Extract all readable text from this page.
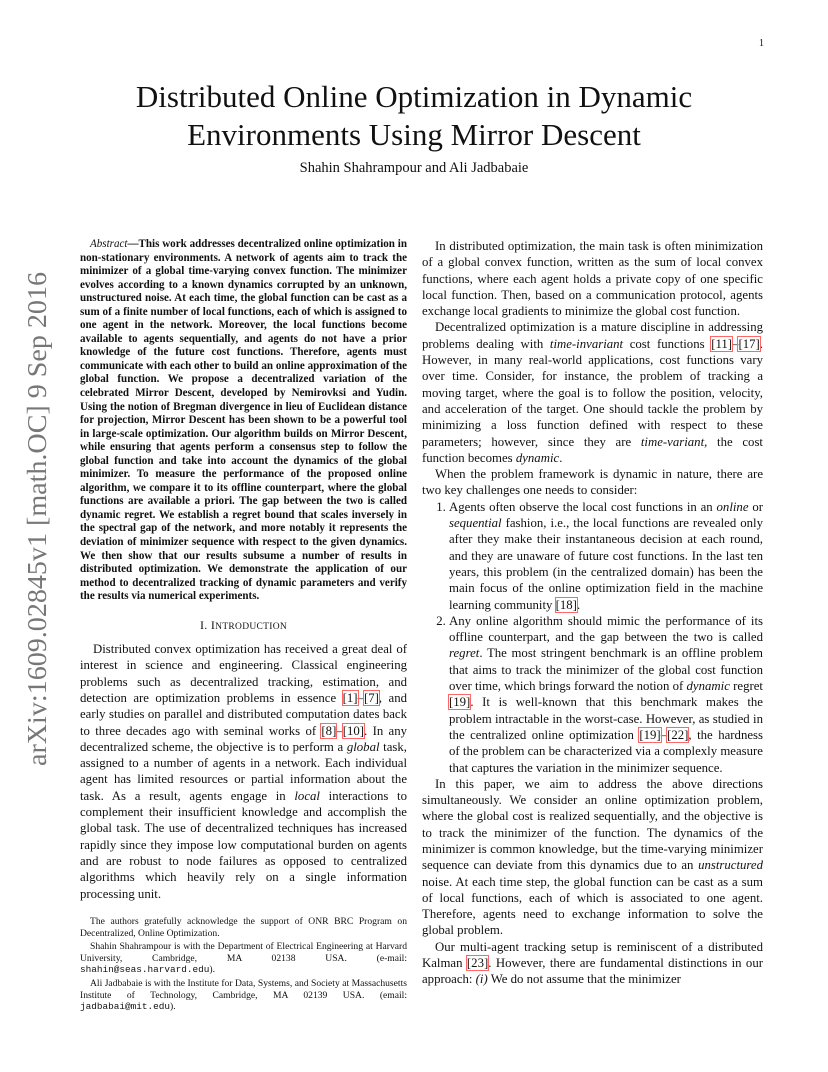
1
arXiv:1609.02845v1 [math.OC] 9 Sep 2016
Distributed Online Optimization in Dynamic Environments Using Mirror Descent
Shahin Shahrampour and Ali Jadbabaie

Abstract—This work addresses decentralized online optimization in non-stationary environments. A network of agents aim to track the minimizer of a global time-varying convex function. The minimizer evolves according to a known dynamics corrupted by an unknown, unstructured noise. At each time, the global function can be cast as a sum of a finite number of local functions, each of which is assigned to one agent in the network. Moreover, the local functions become available to agents sequentially, and agents do not have a prior knowledge of the future cost functions. Therefore, agents must communicate with each other to build an online approximation of the global function. We propose a decentralized variation of the celebrated Mirror Descent, developed by Nemirovksi and Yudin. Using the notion of Bregman divergence in lieu of Euclidean distance for projection, Mirror Descent has been shown to be a powerful tool in large-scale optimization. Our algorithm builds on Mirror Descent, while ensuring that agents perform a consensus step to follow the global function and take into account the dynamics of the global minimizer. To measure the performance of the proposed online algorithm, we compare it to its offline counterpart, where the global functions are available a priori. The gap between the two is called dynamic regret. We establish a regret bound that scales inversely in the spectral gap of the network, and more notably it represents the deviation of minimizer sequence with respect to the given dynamics. We then show that our results subsume a number of results in distributed optimization. We demonstrate the application of our method to decentralized tracking of dynamic parameters and verify the results via numerical experiments.

I. INTRODUCTION

Distributed convex optimization has received a great deal of interest in science and engineering. Classical engineering problems such as decentralized tracking, estimation, and detection are optimization problems in essence [1]–[7], and early studies on parallel and distributed computation dates back to three decades ago with seminal works of [8]–[10]. In any decentralized scheme, the objective is to perform a global task, assigned to a number of agents in a network. Each individual agent has limited resources or partial information about the task. As a result, agents engage in local interactions to complement their insufficient knowledge and accomplish the global task. The use of decentralized techniques has increased rapidly since they impose low computational burden on agents and are robust to node failures as opposed to centralized algorithms which heavily rely on a single information processing unit.

The authors gratefully acknowledge the support of ONR BRC Program on Decentralized, Online Optimization.

Shahin Shahrampour is with the Department of Electrical Engineering at Harvard University, Cambridge, MA 02138 USA. (e-mail: shahin@seas.harvard.edu).

Ali Jadbabaie is with the Institute for Data, Systems, and Society at Massachusetts Institute of Technology, Cambridge, MA 02139 USA. (email: jadbabai@mit.edu).

In distributed optimization, the main task is often minimization of a global convex function, written as the sum of local convex functions, where each agent holds a private copy of one specific local function. Then, based on a communication protocol, agents exchange local gradients to minimize the global cost function.

Decentralized optimization is a mature discipline in addressing problems dealing with time-invariant cost functions [11]–[17]. However, in many real-world applications, cost functions vary over time. Consider, for instance, the problem of tracking a moving target, where the goal is to follow the position, velocity, and acceleration of the target. One should tackle the problem by minimizing a loss function defined with respect to these parameters; however, since they are time-variant, the cost function becomes dynamic.

When the problem framework is dynamic in nature, there are two key challenges one needs to consider:

1. Agents often observe the local cost functions in an online or sequential fashion, i.e., the local functions are revealed only after they make their instantaneous decision at each round, and they are unaware of future cost functions. In the last ten years, this problem (in the centralized domain) has been the main focus of the online optimization field in the machine learning community [18].
2. Any online algorithm should mimic the performance of its offline counterpart, and the gap between the two is called regret. The most stringent benchmark is an offline problem that aims to track the minimizer of the global cost function over time, which brings forward the notion of dynamic regret [19]. It is well-known that this benchmark makes the problem intractable in the worst-case. However, as studied in the centralized online optimization [19]–[22], the hardness of the problem can be characterized via a complexly measure that captures the variation in the minimizer sequence.

In this paper, we aim to address the above directions simultaneously. We consider an online optimization problem, where the global cost is realized sequentially, and the objective is to track the minimizer of the function. The dynamics of the minimizer is common knowledge, but the time-varying minimizer sequence can deviate from this dynamics due to an unstructured noise. At each time step, the global function can be cast as a sum of local functions, each of which is associated to one agent. Therefore, agents need to exchange information to solve the global problem.

Our multi-agent tracking setup is reminiscent of a distributed Kalman [23]. However, there are fundamental distinctions in our approach: (i) We do not assume that the minimizer
